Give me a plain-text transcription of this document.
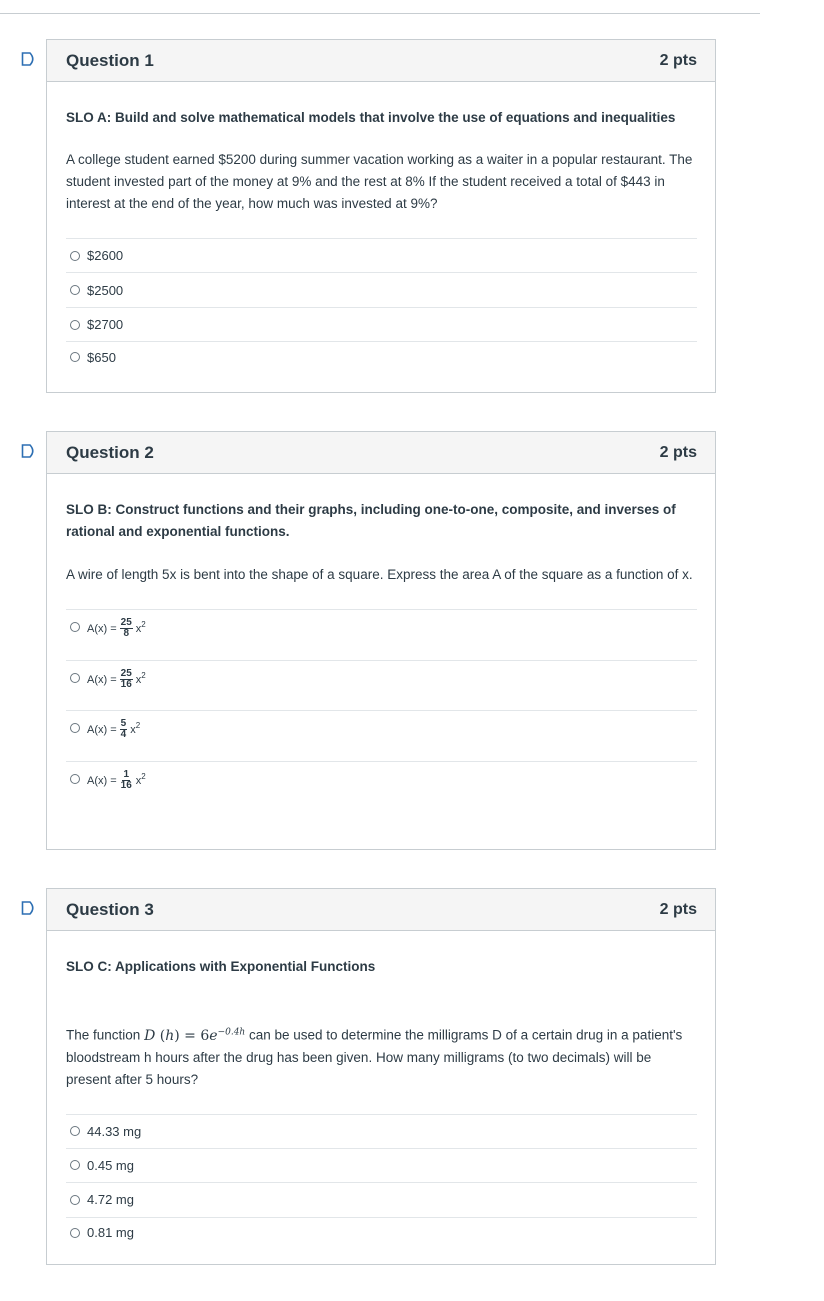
Question 1	2 pts
SLO A: Build and solve mathematical models that involve the use of equations and inequalities
A college student earned $5200 during summer vacation working as a waiter in a popular restaurant. The student invested part of the money at 9% and the rest at 8% If the student received a total of $443 in interest at the end of the year, how much was invested at 9%?
$2600
$2500
$2700
$650
Question 2	2 pts
SLO B: Construct functions and their graphs, including one-to-one, composite, and inverses of rational and exponential functions.
A wire of length 5x is bent into the shape of a square. Express the area A of the square as a function of x.
$A(x) = \frac{25}{8}$ x 2
$A(x) = \frac{25}{16}$ x 2
$A(x) = \frac{5}{4}$ x 2
$A(x) = \frac{1}{16}$ x 2
Question 3	2 pts
SLO C: Applications with Exponential Functions
The function D $(h) = 6e^{-0.4h}$ can be used to determine the milligrams D of a certain drug in a patient's bloodstream h hours after the drug has been given. How many milligrams (to two decimals) will be present after 5 hours?
44.33 mg
0.45 mg
4.72 mg
0.81 mg
